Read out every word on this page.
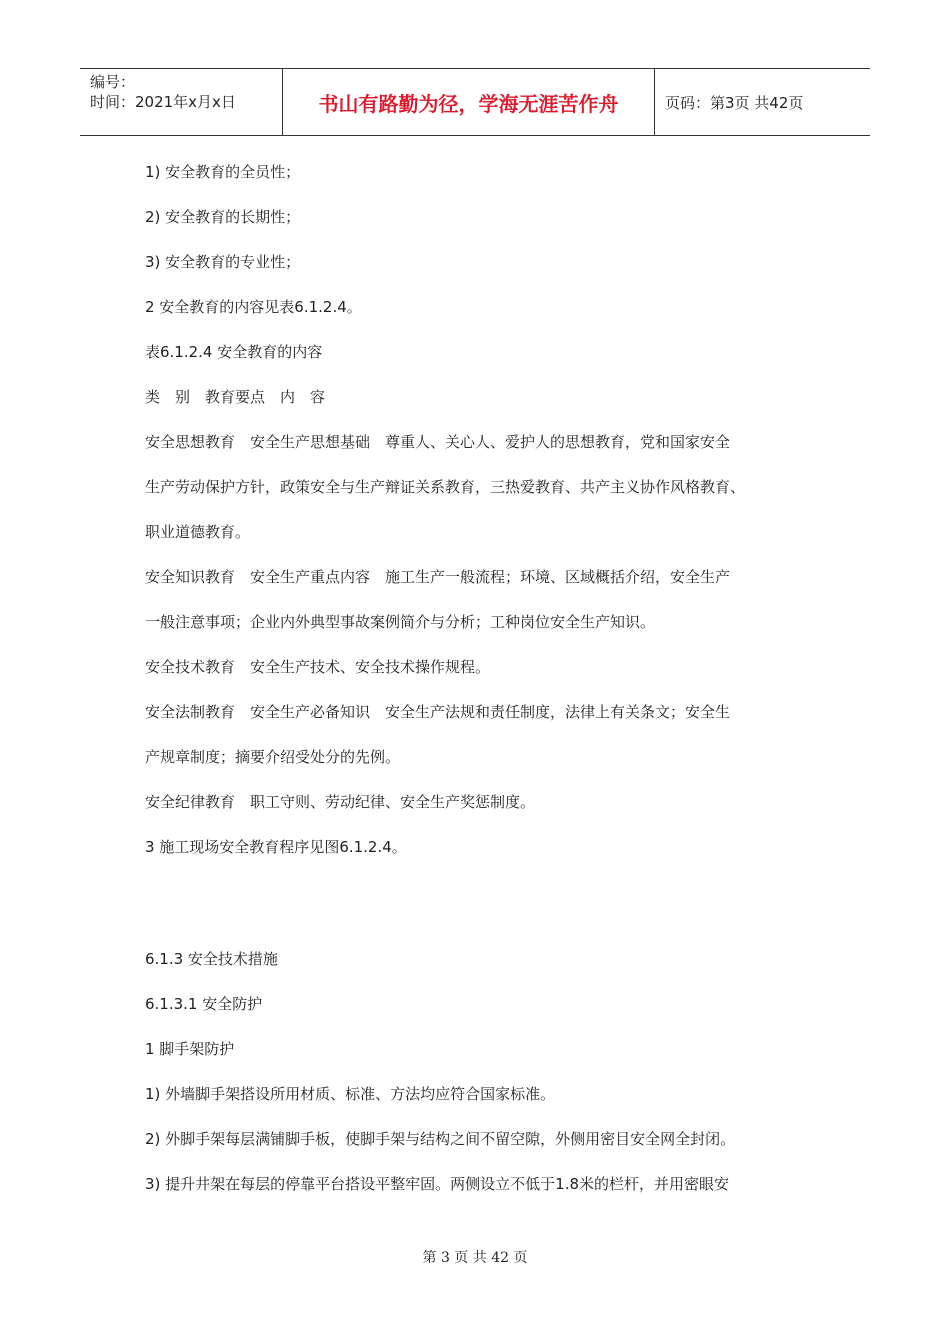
编号：
时间：2021年x月x日	书山有路勤为径，学海无涯苦作舟	页码：第3页 共42页
1) 安全教育的全员性；
2) 安全教育的长期性；
3) 安全教育的专业性；
2 安全教育的内容见表6.1.2.4。
表6.1.2.4 安全教育的内容
类　别　教育要点　内　容
安全思想教育　安全生产思想基础　尊重人、关心人、爱护人的思想教育，党和国家安全
生产劳动保护方针，政策安全与生产辩证关系教育，三热爱教育、共产主义协作风格教育、
职业道德教育。
安全知识教育　安全生产重点内容　施工生产一般流程；环境、区域概括介绍，安全生产
一般注意事项；企业内外典型事故案例简介与分析；工种岗位安全生产知识。
安全技术教育　安全生产技术、安全技术操作规程。
安全法制教育　安全生产必备知识　安全生产法规和责任制度，法律上有关条文；安全生
产规章制度；摘要介绍受处分的先例。
安全纪律教育　职工守则、劳动纪律、安全生产奖惩制度。
3 施工现场安全教育程序见图6.1.2.4。
6.1.3 安全技术措施
6.1.3.1 安全防护
1 脚手架防护
1) 外墙脚手架搭设所用材质、标准、方法均应符合国家标准。
2) 外脚手架每层满铺脚手板，使脚手架与结构之间不留空隙，外侧用密目安全网全封闭。
3) 提升井架在每层的停靠平台搭设平整牢固。两侧设立不低于1.8米的栏杆，并用密眼安
第 3 页 共 42 页
